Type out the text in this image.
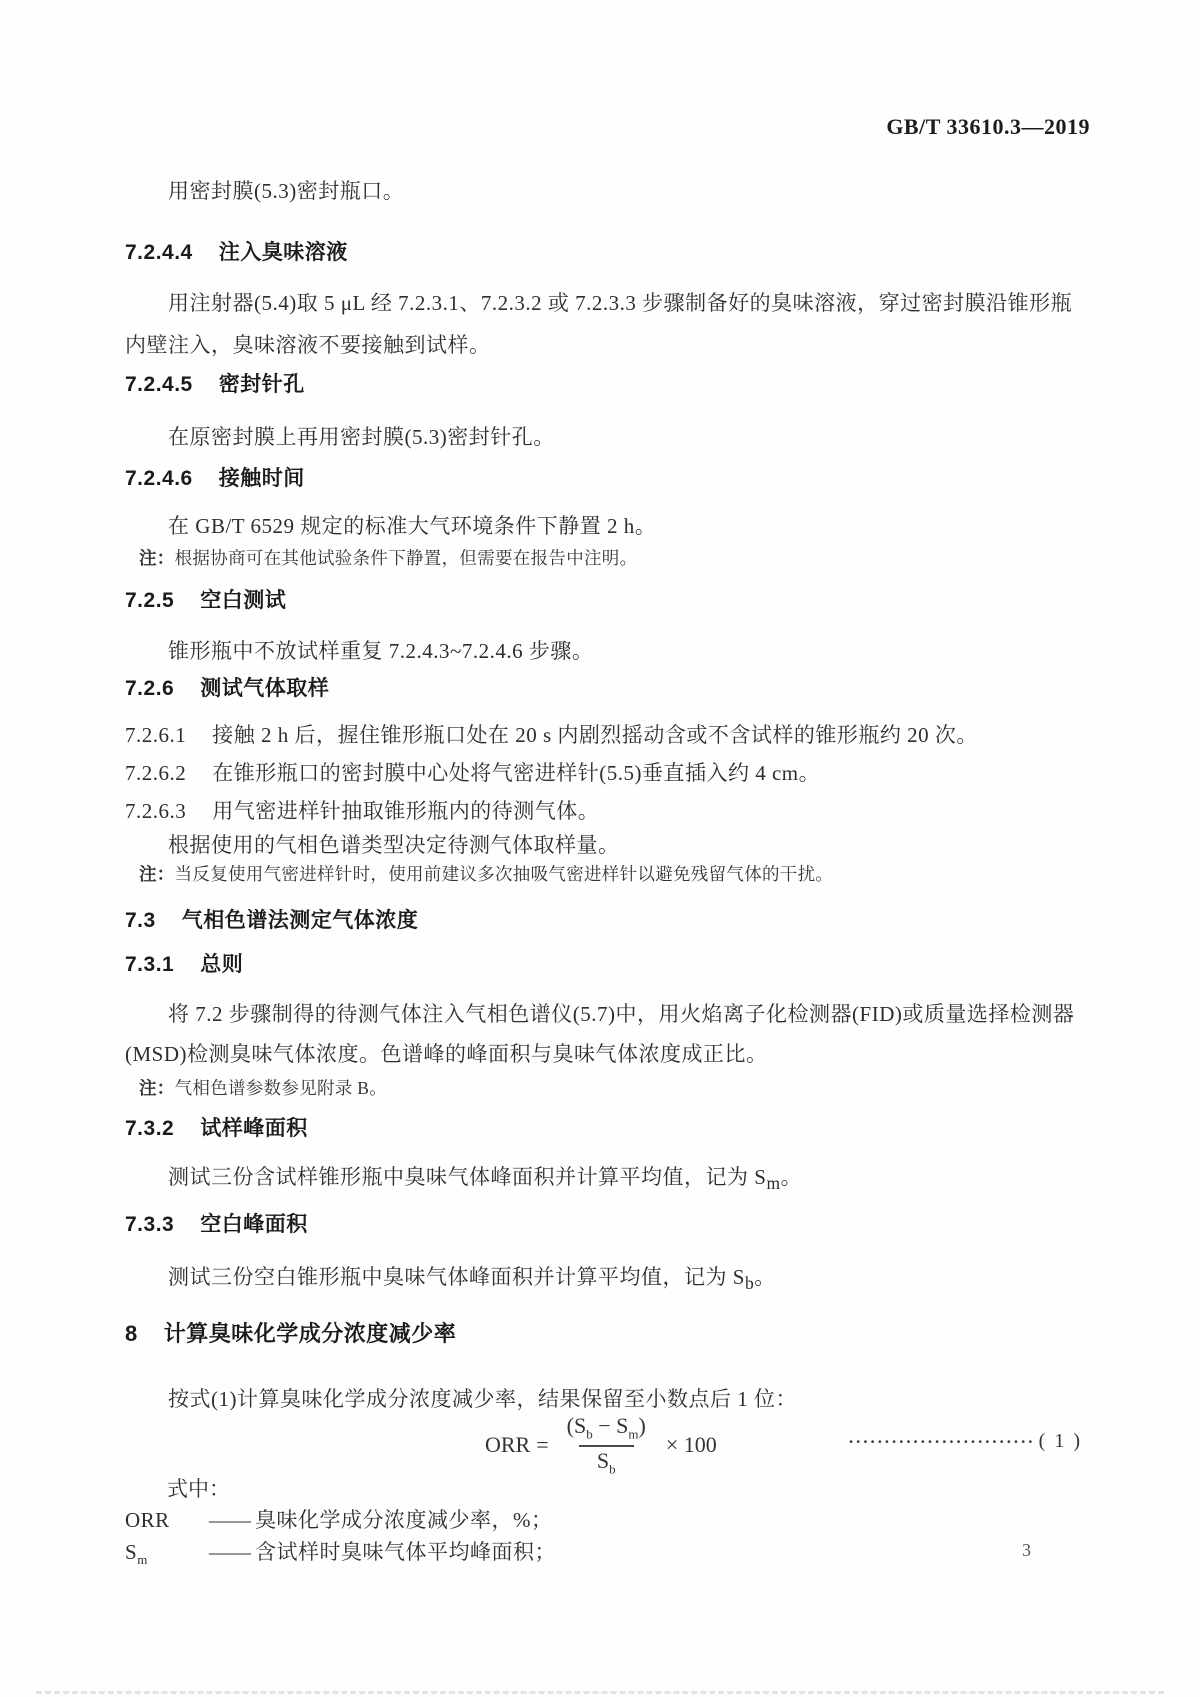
GB/T 33610.3—2019

用密封膜(5.3)密封瓶口。

7.2.4.4 注入臭味溶液

用注射器(5.4)取 5 μL 经 7.2.3.1、7.2.3.2 或 7.2.3.3 步骤制备好的臭味溶液，穿过密封膜沿锥形瓶内壁注入，臭味溶液不要接触到试样。

7.2.4.5 密封针孔

在原密封膜上再用密封膜(5.3)密封针孔。

7.2.4.6 接触时间

在 GB/T 6529 规定的标准大气环境条件下静置 2 h。

注：根据协商可在其他试验条件下静置，但需要在报告中注明。
7.2.5 空白测试

锥形瓶中不放试样重复 7.2.4.3~7.2.4.6 步骤。

7.2.6 测试气体取样
7.2.6.1 接触 2 h 后，握住锥形瓶口处在 20 s 内剧烈摇动含或不含试样的锥形瓶约 20 次。
7.2.6.2 在锥形瓶口的密封膜中心处将气密进样针(5.5)垂直插入约 4 cm。
7.2.6.3 用气密进样针抽取锥形瓶内的待测气体。

根据使用的气相色谱类型决定待测气体取样量。

注：当反复使用气密进样针时，使用前建议多次抽吸气密进样针以避免残留气体的干扰。
7.3 气相色谱法测定气体浓度
7.3.1 总则

将 7.2 步骤制得的待测气体注入气相色谱仪(5.7)中，用火焰离子化检测器(FID)或质量选择检测器(MSD)检测臭味气体浓度。色谱峰的峰面积与臭味气体浓度成正比。

注：气相色谱参数参见附录 B。
7.3.2 试样峰面积

测试三份含试样锥形瓶中臭味气体峰面积并计算平均值，记为 $S_m$。

7.3.3 空白峰面积

测试三份空白锥形瓶中臭味气体峰面积并计算平均值，记为 $S_b$。

8 计算臭味化学成分浓度减少率

按式(1)计算臭味化学成分浓度减少率，结果保留至小数点后 1 位：

ORR = $\frac{(S_b - S_m)}{S_b} \times 100$	·························· ( 1 )
式中：
ORR	—— 臭味化学成分浓度减少率，%；
$S_m$	—— 含试样时臭味气体平均峰面积；	3
